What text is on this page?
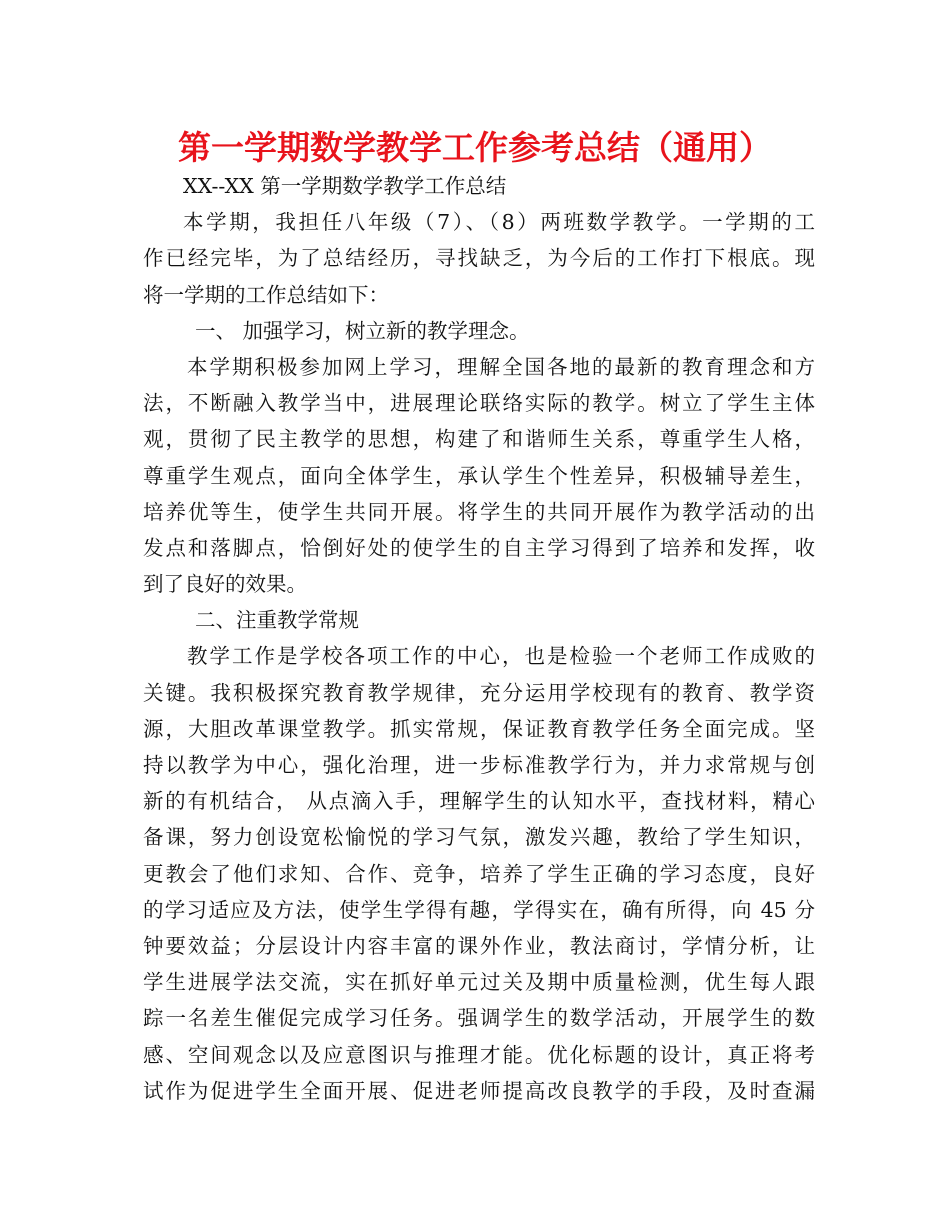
第一学期数学教学工作参考总结（通用）
XX--XX 第一学期数学教学工作总结
本学期，我担任八年级（7）、（8）两班数学教学。一学期的工
作已经完毕，为了总结经历，寻找缺乏，为今后的工作打下根底。现
将一学期的工作总结如下：
一、 加强学习，树立新的教学理念。
本学期积极参加网上学习，理解全国各地的最新的教育理念和方
法，不断融入教学当中，进展理论联络实际的教学。树立了学生主体
观，贯彻了民主教学的思想，构建了和谐师生关系，尊重学生人格，
尊重学生观点，面向全体学生，承认学生个性差异，积极辅导差生，
培养优等生，使学生共同开展。将学生的共同开展作为教学活动的出
发点和落脚点，恰倒好处的使学生的自主学习得到了培养和发挥，收
到了良好的效果。
二、注重教学常规
教学工作是学校各项工作的中心，也是检验一个老师工作成败的
关键。我积极探究教育教学规律，充分运用学校现有的教育、教学资
源，大胆改革课堂教学。抓实常规，保证教育教学任务全面完成。坚
持以教学为中心，强化治理，进一步标准教学行为，并力求常规与创
新的有机结合， 从点滴入手，理解学生的认知水平，查找材料，精心
备课，努力创设宽松愉悦的学习气氛，激发兴趣，教给了学生知识，
更教会了他们求知、合作、竞争，培养了学生正确的学习态度，良好
的学习适应及方法，使学生学得有趣，学得实在，确有所得，向 45 分
钟要效益；分层设计内容丰富的课外作业，教法商讨，学情分析，让
学生进展学法交流，实在抓好单元过关及期中质量检测，优生每人跟
踪一名差生催促完成学习任务。强调学生的数学活动，开展学生的数
感、空间观念以及应意图识与推理才能。优化标题的设计，真正将考
试作为促进学生全面开展、促进老师提高改良教学的手段，及时查漏
